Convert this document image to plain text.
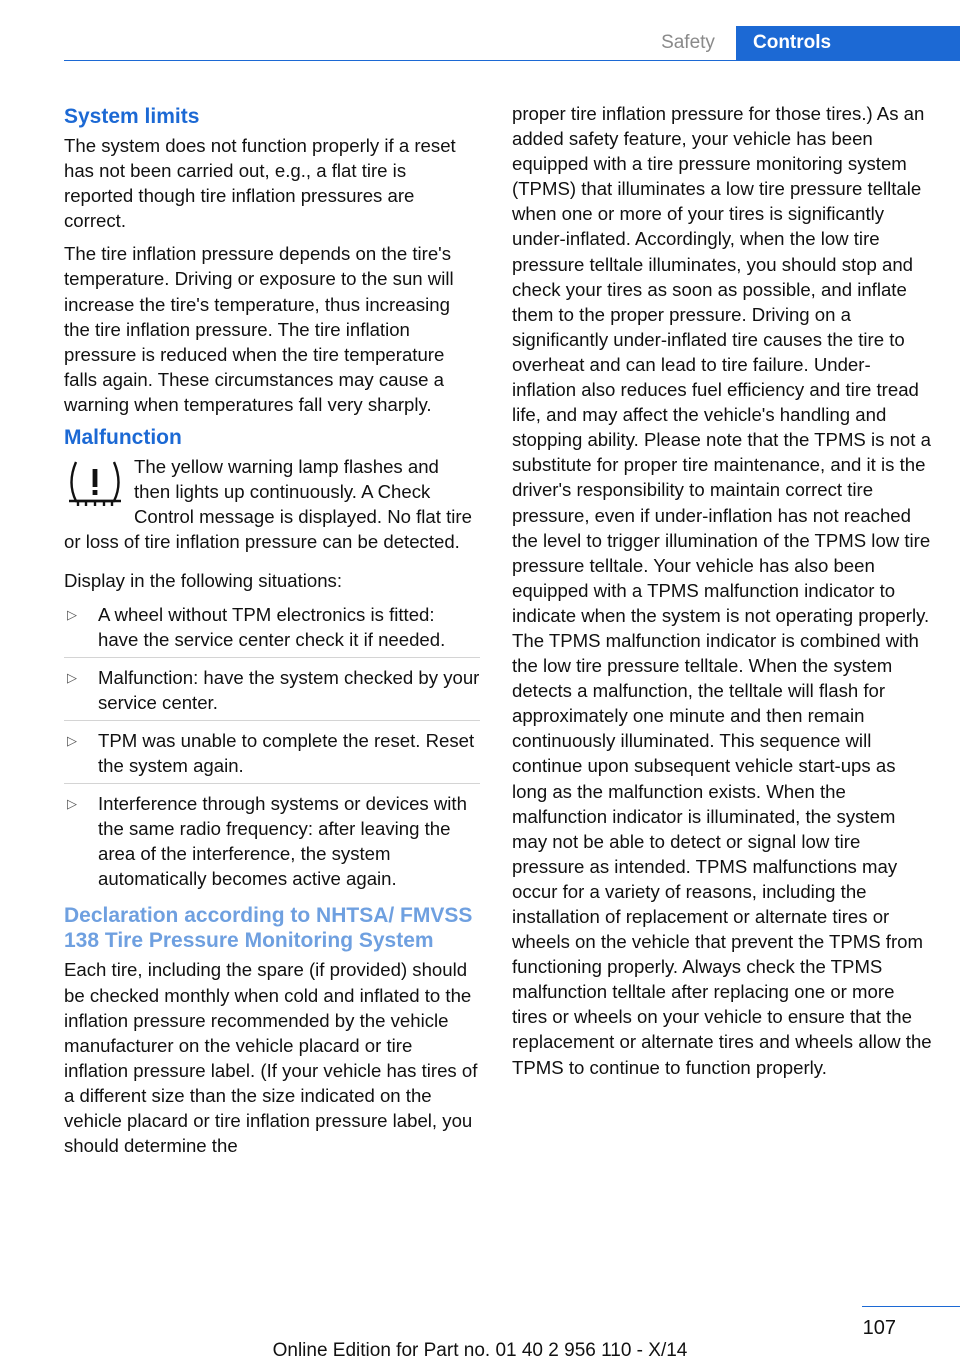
Safety	Controls
System limits

The system does not function properly if a reset has not been carried out, e.g., a flat tire is reported though tire inflation pressures are correct.

The tire inflation pressure depends on the tire's temperature. Driving or exposure to the sun will increase the tire's temperature, thus increasing the tire inflation pressure. The tire inflation pressure is reduced when the tire temperature falls again. These circumstances may cause a warning when temperatures fall very sharply.

Malfunction
The yellow warning lamp flashes and then lights up continuously. A Check Control message is displayed. No flat tire or loss of tire inflation pressure can be detected.

Display in the following situations:

▷ A wheel without TPM electronics is fitted: have the service center check it if needed.
▷ Malfunction: have the system checked by your service center.
▷ TPM was unable to complete the reset. Reset the system again.
▷ Interference through systems or devices with the same radio frequency: after leaving the area of the interference, the system automatically becomes active again.
Declaration according to NHTSA/ FMVSS 138 Tire Pressure Monitoring System

Each tire, including the spare (if provided) should be checked monthly when cold and inflated to the inflation pressure recommended by the vehicle manufacturer on the vehicle placard or tire inflation pressure label. (If your vehicle has tires of a different size than the size indicated on the vehicle placard or tire inflation pressure label, you should determine the

proper tire inflation pressure for those tires.) As an added safety feature, your vehicle has been equipped with a tire pressure monitoring system (TPMS) that illuminates a low tire pressure telltale when one or more of your tires is significantly under-inflated. Accordingly, when the low tire pressure telltale illuminates, you should stop and check your tires as soon as possible, and inflate them to the proper pressure. Driving on a significantly under-inflated tire causes the tire to overheat and can lead to tire failure. Under-inflation also reduces fuel efficiency and tire tread life, and may affect the vehicle's handling and stopping ability. Please note that the TPMS is not a substitute for proper tire maintenance, and it is the driver's responsibility to maintain correct tire pressure, even if under-inflation has not reached the level to trigger illumination of the TPMS low tire pressure telltale. Your vehicle has also been equipped with a TPMS malfunction indicator to indicate when the system is not operating properly. The TPMS malfunction indicator is combined with the low tire pressure telltale. When the system detects a malfunction, the telltale will flash for approximately one minute and then remain continuously illuminated. This sequence will continue upon subsequent vehicle start-ups as long as the malfunction exists. When the malfunction indicator is illuminated, the system may not be able to detect or signal low tire pressure as intended. TPMS malfunctions may occur for a variety of reasons, including the installation of replacement or alternate tires or wheels on the vehicle that prevent the TPMS from functioning properly. Always check the TPMS malfunction telltale after replacing one or more tires or wheels on your vehicle to ensure that the replacement or alternate tires and wheels allow the TPMS to continue to function properly.

107
Online Edition for Part no. 01 40 2 956 110 - X/14
